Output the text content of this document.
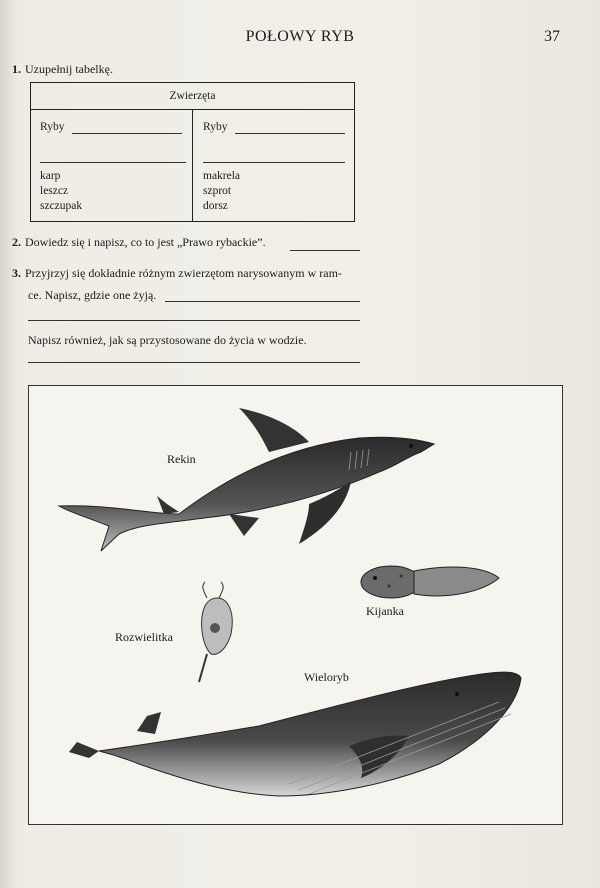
POŁOWY RYB	37
1. Uzupełnij tabelkę.
Zwierzęta
Ryby
karp
leszcz
szczupak
Ryby
makrela
szprot
dorsz
2. Dowiedz się i napisz, co to jest „Prawo rybackie”.
3. Przyjrzyj się dokładnie różnym zwierzętom narysowanym w ram-
ce. Napisz, gdzie one żyją.
Napisz również, jak są przystosowane do życia w wodzie.
Rekin
Kijanka
Rozwielitka
Wieloryb
